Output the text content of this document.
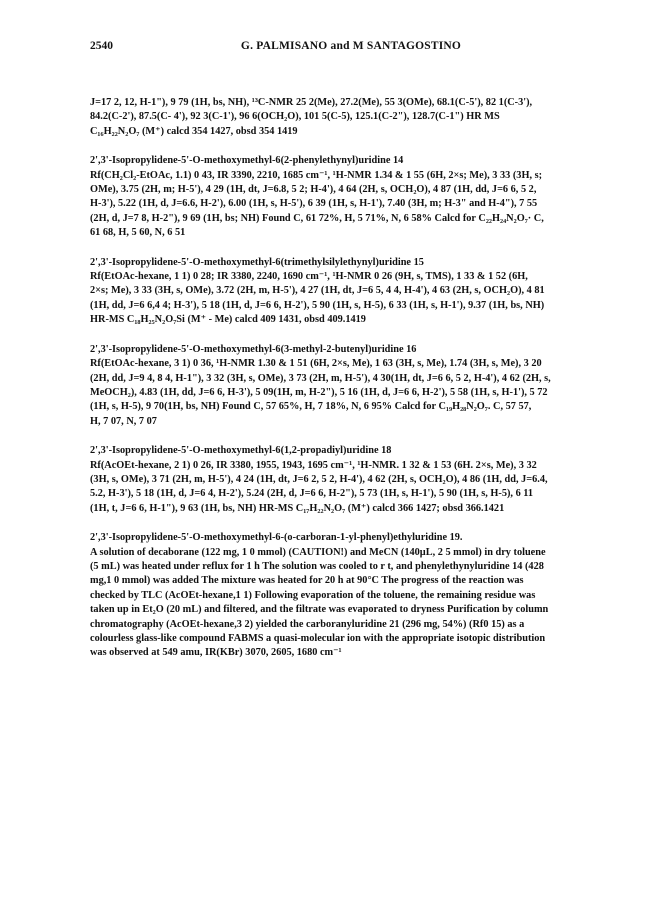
2540	G. PALMISANO and M SANTAGOSTINO

J=17 2, 12, H-1"), 9 79 (1H, bs, NH), ¹³C-NMR 25 2(Me), 27.2(Me), 55 3(OMe), 68.1(C-5'), 82 1(C-3'),

84.2(C-2'), 87.5(C- 4'), 92 3(C-1'), 96 6(OCH₂O), 101 5(C-5), 125.1(C-2"), 128.7(C-1") HR MS

C₁₆H₂₂N₂O₇ (M⁺) calcd 354 1427, obsd 354 1419

2',3'-Isopropylidene-5'-O-methoxymethyl-6(2-phenylethynyl)uridine 14

Rf(CH₂Cl₂-EtOAc, 1.1) 0 43, IR 3390, 2210, 1685 cm⁻¹, ¹H-NMR 1.34 & 1 55 (6H, 2×s; Me), 3 33 (3H, s;

OMe), 3.75 (2H, m; H-5'), 4 29 (1H, dt, J=6.8, 5 2; H-4'), 4 64 (2H, s, OCH₂O), 4 87 (1H, dd, J=6 6, 5 2,

H-3'), 5.22 (1H, d, J=6.6, H-2'), 6.00 (1H, s, H-5'), 6 39 (1H, s, H-1'), 7.40 (3H, m; H-3" and H-4"), 7 55

(2H, d, J=7 8, H-2"), 9 69 (1H, bs; NH) Found C, 61 72%, H, 5 71%, N, 6 58% Calcd for C₂₂H₂₄N₂O₇· C,

61 68, H, 5 60, N, 6 51

2',3'-Isopropylidene-5'-O-methoxymethyl-6(trimethylsilylethynyl)uridine 15

Rf(EtOAc-hexane, 1 1) 0 28; IR 3380, 2240, 1690 cm⁻¹, ¹H-NMR 0 26 (9H, s, TMS), 1 33 & 1 52 (6H,

2×s; Me), 3 33 (3H, s, OMe), 3.72 (2H, m, H-5'), 4 27 (1H, dt, J=6 5, 4 4, H-4'), 4 63 (2H, s, OCH₂O), 4 81

(1H, dd, J=6 6,4 4; H-3'), 5 18 (1H, d, J=6 6, H-2'), 5 90 (1H, s, H-5), 6 33 (1H, s, H-1'), 9.37 (1H, bs, NH)

HR-MS C₁₈H₂₅N₂O₇Si (M⁺ - Me) calcd 409 1431, obsd 409.1419

2',3'-Isopropylidene-5'-O-methoxymethyl-6(3-methyl-2-butenyl)uridine 16

Rf(EtOAc-hexane, 3 1) 0 36, ¹H-NMR 1.30 & 1 51 (6H, 2×s, Me), 1 63 (3H, s, Me), 1.74 (3H, s, Me), 3 20

(2H, dd, J=9 4, 8 4, H-1"), 3 32 (3H, s, OMe), 3 73 (2H, m, H-5'), 4 30(1H, dt, J=6 6, 5 2, H-4'), 4 62 (2H, s,

MeOCH₂), 4.83 (1H, dd, J=6 6, H-3'), 5 09(1H, m, H-2"), 5 16 (1H, d, J=6 6, H-2'), 5 58 (1H, s, H-1'), 5 72

(1H, s, H-5), 9 70(1H, bs, NH) Found C, 57 65%, H, 7 18%, N, 6 95% Calcd for C₁₉H₂₈N₂O₇. C, 57 57,

H, 7 07, N, 7 07

2',3'-Isopropylidene-5'-O-methoxymethyl-6(1,2-propadiyl)uridine 18

Rf(AcOEt-hexane, 2 1) 0 26, IR 3380, 1955, 1943, 1695 cm⁻¹, ¹H-NMR. 1 32 & 1 53 (6H. 2×s, Me), 3 32

(3H, s, OMe), 3 71 (2H, m, H-5'), 4 24 (1H, dt, J=6 2, 5 2, H-4'), 4 62 (2H, s, OCH₂O), 4 86 (1H, dd, J=6.4,

5.2, H-3'), 5 18 (1H, d, J=6 4, H-2'), 5.24 (2H, d, J=6 6, H-2"), 5 73 (1H, s, H-1'), 5 90 (1H, s, H-5), 6 11

(1H, t, J=6 6, H-1"), 9 63 (1H, bs, NH) HR-MS C₁₇H₂₂N₂O₇ (M⁺) calcd 366 1427; obsd 366.1421

2',3'-Isopropylidene-5'-O-methoxymethyl-6-(o-carboran-1-yl-phenyl)ethyluridine 19.

A solution of decaborane (122 mg, 1 0 mmol) (CAUTION!) and MeCN (140µL, 2 5 mmol) in dry toluene

(5 mL) was heated under reflux for 1 h The solution was cooled to r t, and phenylethynyluridine 14 (428

mg,1 0 mmol) was added The mixture was heated for 20 h at 90°C The progress of the reaction was

checked by TLC (AcOEt-hexane,1 1) Following evaporation of the toluene, the remaining residue was

taken up in Et₂O (20 mL) and filtered, and the filtrate was evaporated to dryness Purification by column

chromatography (AcOEt-hexane,3 2) yielded the carboranyluridine 21 (296 mg, 54%) (Rf0 15) as a

colourless glass-like compound FABMS a quasi-molecular ion with the appropriate isotopic distribution

was observed at 549 amu, IR(KBr) 3070, 2605, 1680 cm⁻¹
